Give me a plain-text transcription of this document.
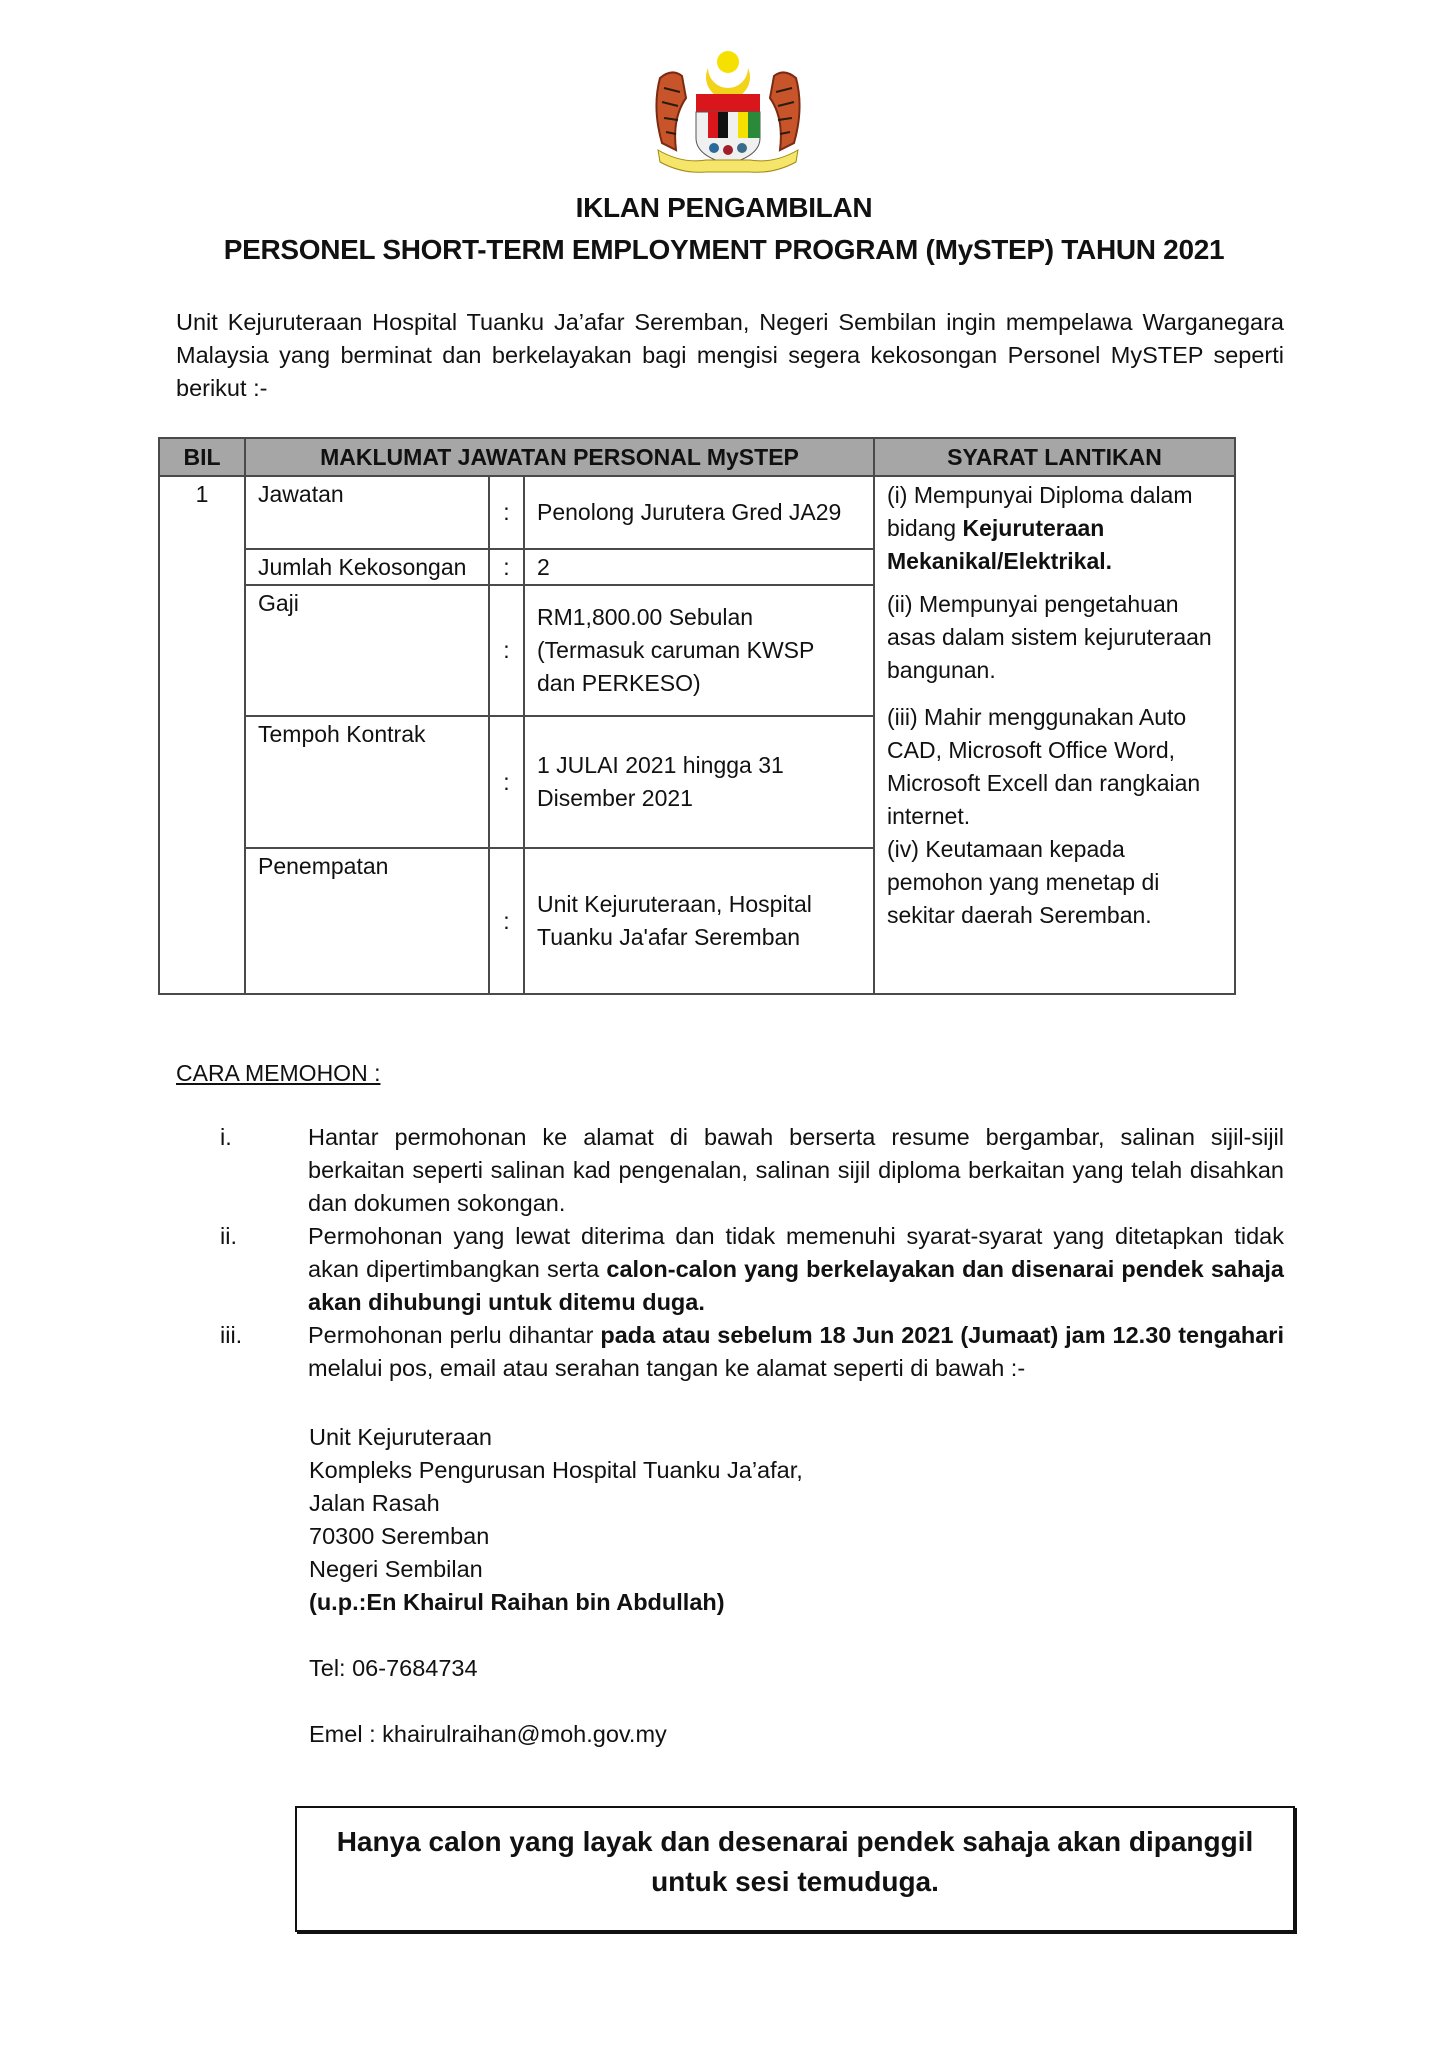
IKLAN PENGAMBILAN
PERSONEL SHORT-TERM EMPLOYMENT PROGRAM (MySTEP) TAHUN 2021
Unit Kejuruteraan Hospital Tuanku Ja’afar Seremban, Negeri Sembilan ingin mempelawa Warganegara Malaysia yang berminat dan berkelayakan bagi mengisi segera kekosongan Personel MySTEP seperti berikut :-
BIL	MAKLUMAT JAWATAN PERSONAL MySTEP			SYARAT LANTIKAN
1	Jawatan	:	Penolong Jurutera Gred JA29	(i) Mempunyai Diploma dalam bidang Kejuruteraan Mekanikal/Elektrikal.
(ii) Mempunyai pengetahuan asas dalam sistem kejuruteraan bangunan.
(iii) Mahir menggunakan Auto CAD, Microsoft Office Word, Microsoft Excell dan rangkaian internet.
(iv) Keutamaan kepada pemohon yang menetap di sekitar daerah Seremban.

	Jumlah Kekosongan	:	2	
	Gaji	:	RM1,800.00 Sebulan
(Termasuk caruman KWSP
dan PERKESO)	

	Tempoh Kontrak	:	1 JULAI 2021 hingga 31
Disember 2021	

	Penempatan	:	Unit Kejuruteraan, Hospital
Tuanku Ja'afar Seremban	
CARA MEMOHON :
i.	Hantar permohonan ke alamat di bawah berserta resume bergambar, salinan sijil-sijil berkaitan seperti salinan kad pengenalan, salinan sijil diploma berkaitan yang telah disahkan dan dokumen sokongan.
ii.	Permohonan yang lewat diterima dan tidak memenuhi syarat-syarat yang ditetapkan tidak akan dipertimbangkan serta calon-calon yang berkelayakan dan disenarai pendek sahaja akan dihubungi untuk ditemu duga.
iii.	Permohonan perlu dihantar pada atau sebelum 18 Jun 2021 (Jumaat) jam 12.30 tengahari melalui pos, email atau serahan tangan ke alamat seperti di bawah :-
Unit Kejuruteraan
Kompleks Pengurusan Hospital Tuanku Ja’afar,
Jalan Rasah
70300 Seremban
Negeri Sembilan
(u.p.:En Khairul Raihan bin Abdullah)
Tel: 06-7684734
Emel : khairulraihan@moh.gov.my
Hanya calon yang layak dan desenarai pendek sahaja akan dipanggil
untuk sesi temuduga.
